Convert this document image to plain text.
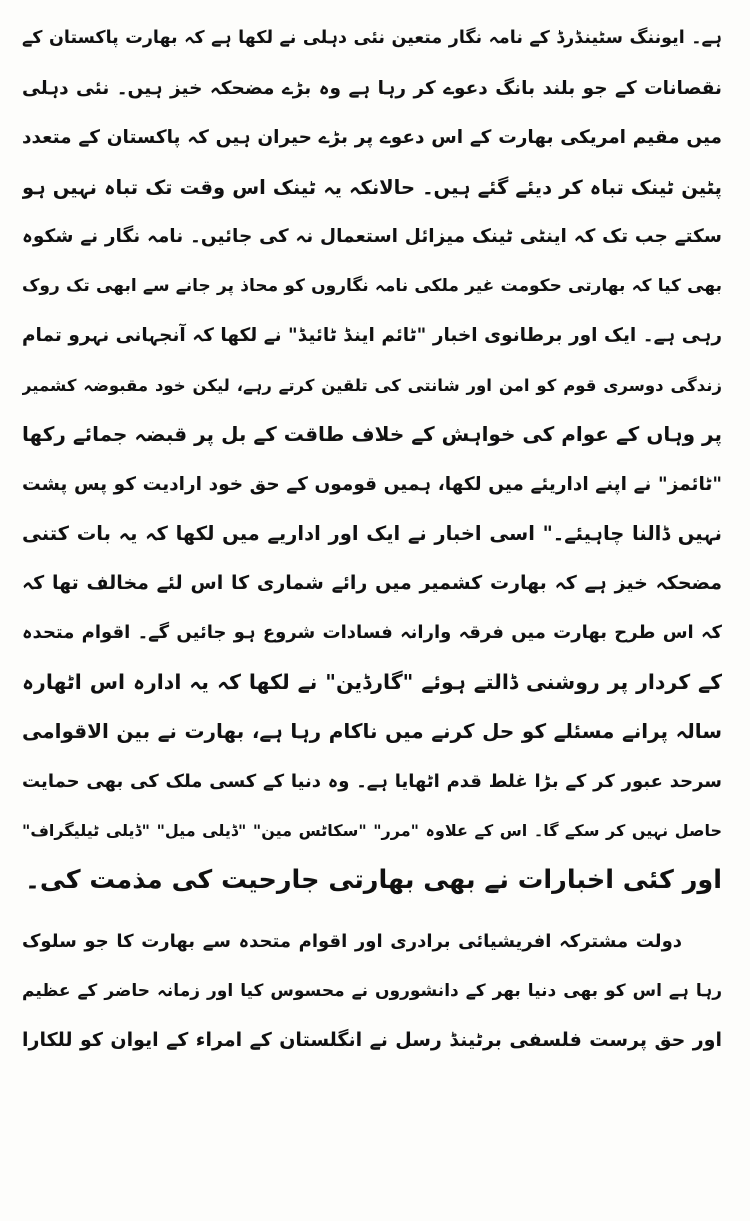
ہے۔ ایوننگ سٹینڈرڈ کے نامہ نگار متعین نئی دہلی نے لکھا ہے کہ بھارت پاکستان کے
نقصانات کے جو بلند بانگ دعوے کر رہا ہے وہ بڑے مضحکہ خیز ہیں۔ نئی دہلی
میں مقیم امریکی بھارت کے اس دعوے پر بڑے حیران ہیں کہ پاکستان کے متعدد
پٹین ٹینک تباہ کر دیئے گئے ہیں۔ حالانکہ یہ ٹینک اس وقت تک تباہ نہیں ہو
سکتے جب تک کہ اینٹی ٹینک میزائل استعمال نہ کی جائیں۔ نامہ نگار نے شکوہ
بھی کیا کہ بھارتی حکومت غیر ملکی نامہ نگاروں کو محاذ پر جانے سے ابھی تک روک
رہی ہے۔ ایک اور برطانوی اخبار "ٹائم اینڈ ٹائیڈ" نے لکھا کہ آنجہانی نہرو تمام
زندگی دوسری قوم کو امن اور شانتی کی تلقین کرتے رہے، لیکن خود مقبوضہ کشمیر
پر وہاں کے عوام کی خواہش کے خلاف طاقت کے بل پر قبضہ جمائے رکھا
"ٹائمز" نے اپنے اداریئے میں لکھا، ہمیں قوموں کے حق خود ارادیت کو پس پشت
نہیں ڈالنا چاہیئے۔" اسی اخبار نے ایک اور اداریے میں لکھا کہ یہ بات کتنی
مضحکہ خیز ہے کہ بھارت کشمیر میں رائے شماری کا اس لئے مخالف تھا کہ
کہ اس طرح بھارت میں فرقہ وارانہ فسادات شروع ہو جائیں گے۔ اقوام متحدہ
کے کردار پر روشنی ڈالتے ہوئے "گارڈین" نے لکھا کہ یہ ادارہ اس اٹھارہ
سالہ پرانے مسئلے کو حل کرنے میں ناکام رہا ہے، بھارت نے بین الاقوامی
سرحد عبور کر کے بڑا غلط قدم اٹھایا ہے۔ وہ دنیا کے کسی ملک کی بھی حمایت
حاصل نہیں کر سکے گا۔ اس کے علاوہ "مرر" "سکاٹس مین" "ڈیلی میل" "ڈیلی ٹیلیگراف"
اور کئی اخبارات نے بھی بھارتی جارحیت کی مذمت کی۔
دولت مشترکہ افریشیائی برادری اور اقوام متحدہ سے بھارت کا جو سلوک
رہا ہے اس کو بھی دنیا بھر کے دانشوروں نے محسوس کیا اور زمانہ حاضر کے عظیم
اور حق پرست فلسفی برٹینڈ رسل نے انگلستان کے امراء کے ایوان کو للکارا
